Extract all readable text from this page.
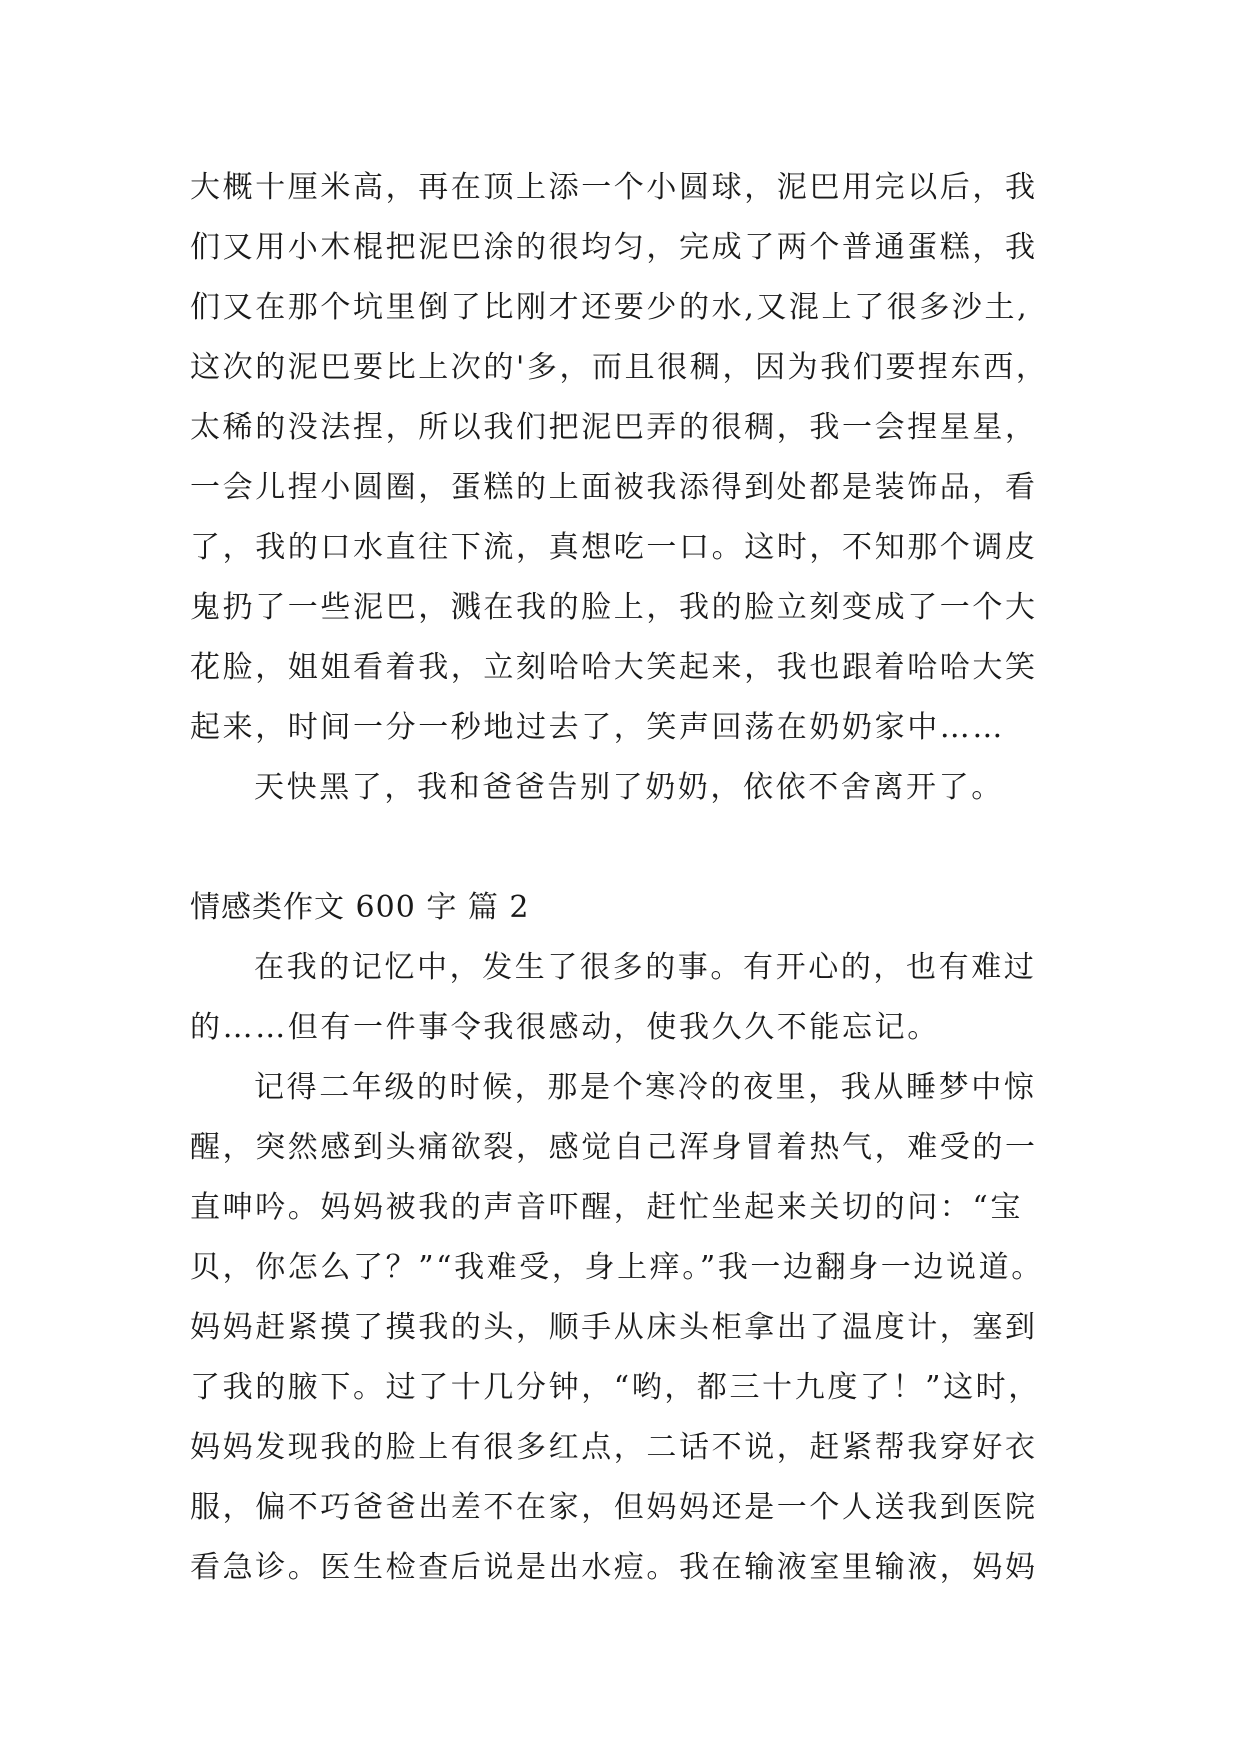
大概十厘米高，再在顶上添一个小圆球，泥巴用完以后，我
们又用小木棍把泥巴涂的很均匀，完成了两个普通蛋糕，我
们又在那个坑里倒了比刚才还要少的水,又混上了很多沙土,
这次的泥巴要比上次的'多，而且很稠，因为我们要捏东西，
太稀的没法捏，所以我们把泥巴弄的很稠，我一会捏星星，
一会儿捏小圆圈，蛋糕的上面被我添得到处都是装饰品，看
了，我的口水直往下流，真想吃一口。这时，不知那个调皮
鬼扔了一些泥巴，溅在我的脸上，我的脸立刻变成了一个大
花脸，姐姐看着我，立刻哈哈大笑起来，我也跟着哈哈大笑
起来，时间一分一秒地过去了，笑声回荡在奶奶家中……
天快黑了，我和爸爸告别了奶奶，依依不舍离开了。
情感类作文 600 字 篇 2
在我的记忆中，发生了很多的事。有开心的，也有难过
的……但有一件事令我很感动，使我久久不能忘记。
记得二年级的时候，那是个寒冷的夜里，我从睡梦中惊
醒，突然感到头痛欲裂，感觉自己浑身冒着热气，难受的一
直呻吟。妈妈被我的声音吓醒，赶忙坐起来关切的问：“宝
贝，你怎么了？”“我难受，身上痒。”我一边翻身一边说道。
妈妈赶紧摸了摸我的头，顺手从床头柜拿出了温度计，塞到
了我的腋下。过了十几分钟，“哟，都三十九度了！”这时，
妈妈发现我的脸上有很多红点，二话不说，赶紧帮我穿好衣
服，偏不巧爸爸出差不在家，但妈妈还是一个人送我到医院
看急诊。医生检查后说是出水痘。我在输液室里输液，妈妈
